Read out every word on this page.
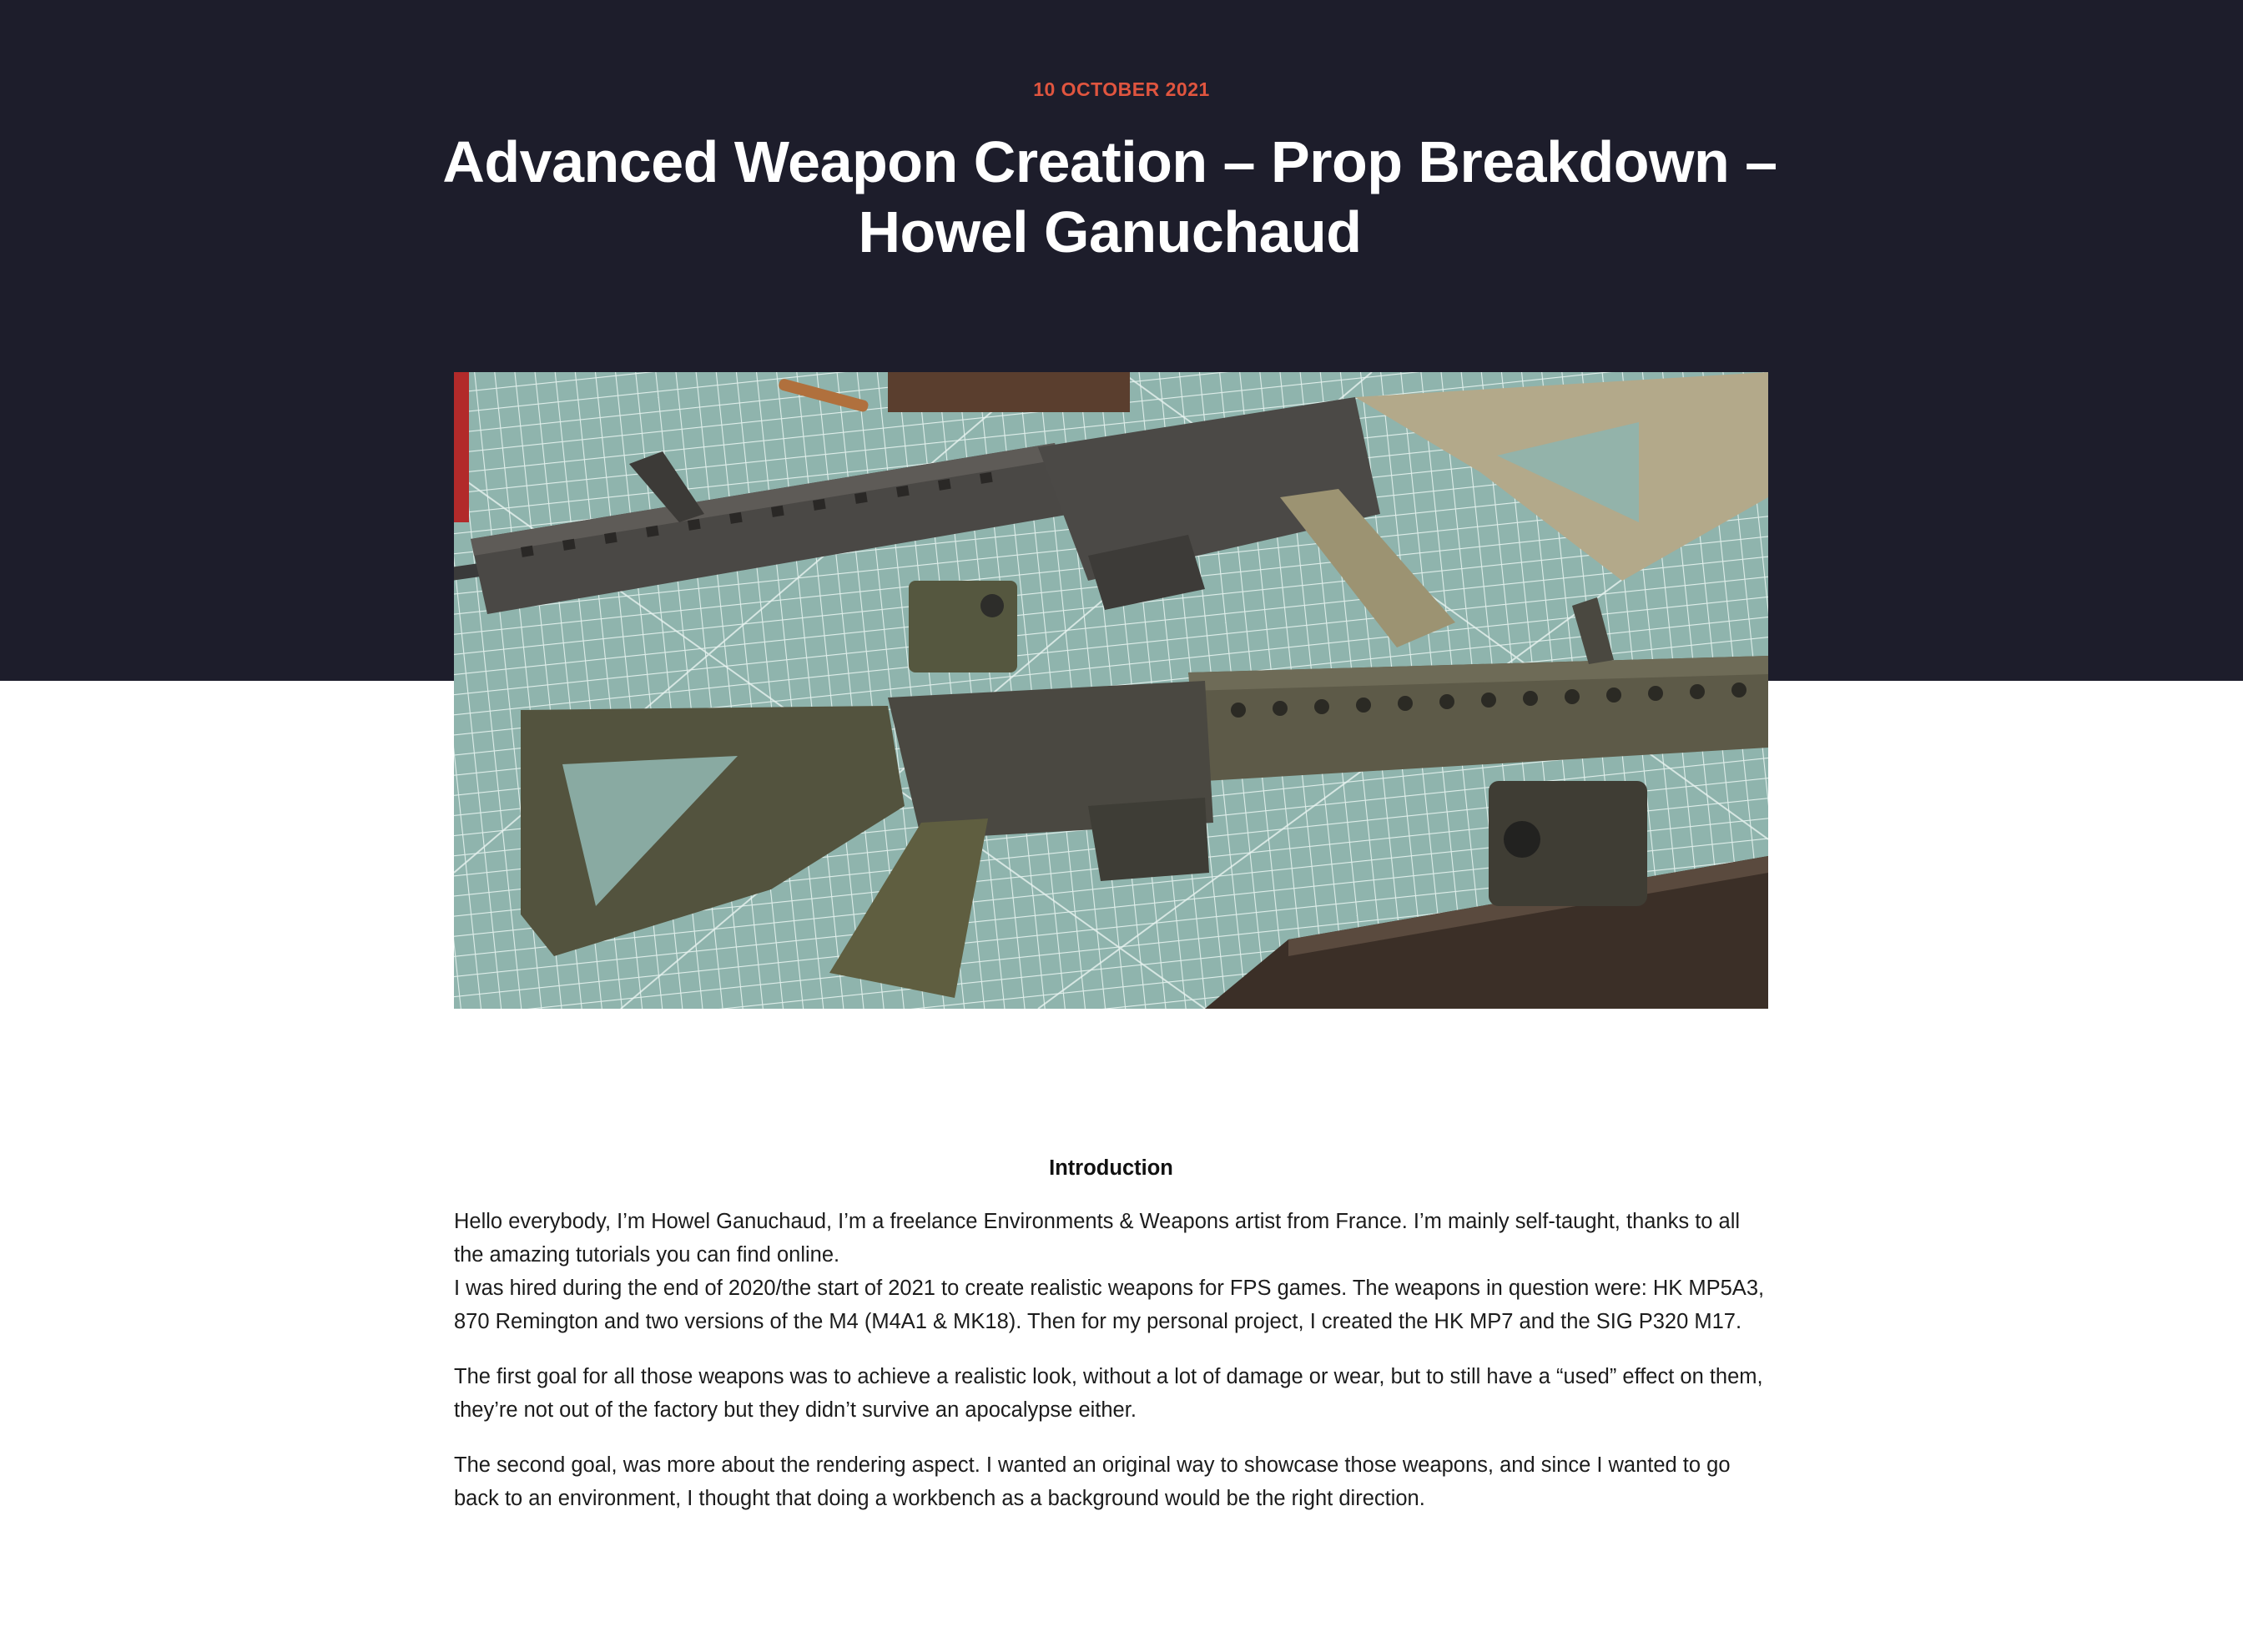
10 OCTOBER 2021
Advanced Weapon Creation – Prop Breakdown – Howel Ganuchaud
Introduction

Hello everybody, I’m Howel Ganuchaud, I’m a freelance Environments & Weapons artist from France. I’m mainly self-taught, thanks to all the amazing tutorials you can find online.
I was hired during the end of 2020/the start of 2021 to create realistic weapons for FPS games. The weapons in question were: HK MP5A3, 870 Remington and two versions of the M4 (M4A1 & MK18). Then for my personal project, I created the HK MP7 and the SIG P320 M17.

The first goal for all those weapons was to achieve a realistic look, without a lot of damage or wear, but to still have a “used” effect on them, they’re not out of the factory but they didn’t survive an apocalypse either.

The second goal, was more about the rendering aspect. I wanted an original way to showcase those weapons, and since I wanted to go back to an environment, I thought that doing a workbench as a background would be the right direction.
